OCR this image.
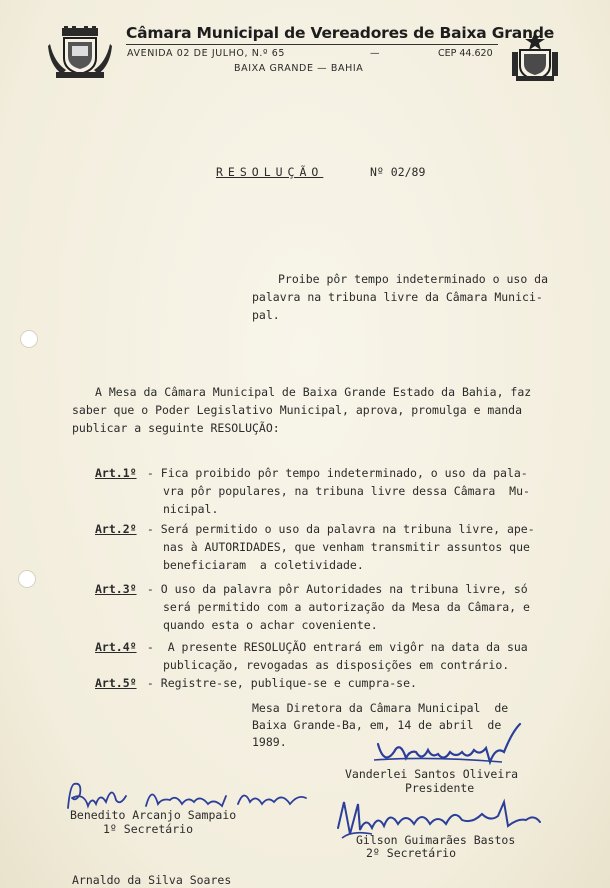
Câmara Municipal de Vereadores de Baixa Grande
AVENIDA 02 DE JULHO, N.º 65	—	CEP 44.620
BAIXA GRANDE — BAHIA
RESOLUÇÃO	Nº 02/89
Proibe pôr tempo indeterminado o uso da
palavra na tribuna livre da Câmara Munici-
pal.
A Mesa da Câmara Municipal de Baixa Grande Estado da Bahia, faz
saber que o Poder Legislativo Municipal, aprova, promulga e manda
publicar a seguinte RESOLUÇÃO:
Art.1º - Fica proibido pôr tempo indeterminado, o uso da pala-
vra pôr populares, na tribuna livre dessa Câmara  Mu-
nicipal.
Art.2º - Será permitido o uso da palavra na tribuna livre, ape-
nas à AUTORIDADES, que venham transmitir assuntos que
beneficiaram  a coletividade.
Art.3º - O uso da palavra pôr Autoridades na tribuna livre, só
será permitido com a autorização da Mesa da Câmara, e
quando esta o achar coveniente.
Art.4º -  A presente RESOLUÇÃO entrará em vigôr na data da sua
publicação, revogadas as disposições em contrário.
Art.5º - Registre-se, publique-se e cumpra-se.
Mesa Diretora da Câmara Municipal  de
Baixa Grande-Ba, em, 14 de abril  de
1989.
Vanderlei Santos Oliveira
Presidente
Benedito Arcanjo Sampaio
1º Secretário
Gilson Guimarães Bastos
2º Secretário
Arnaldo da Silva Soares
